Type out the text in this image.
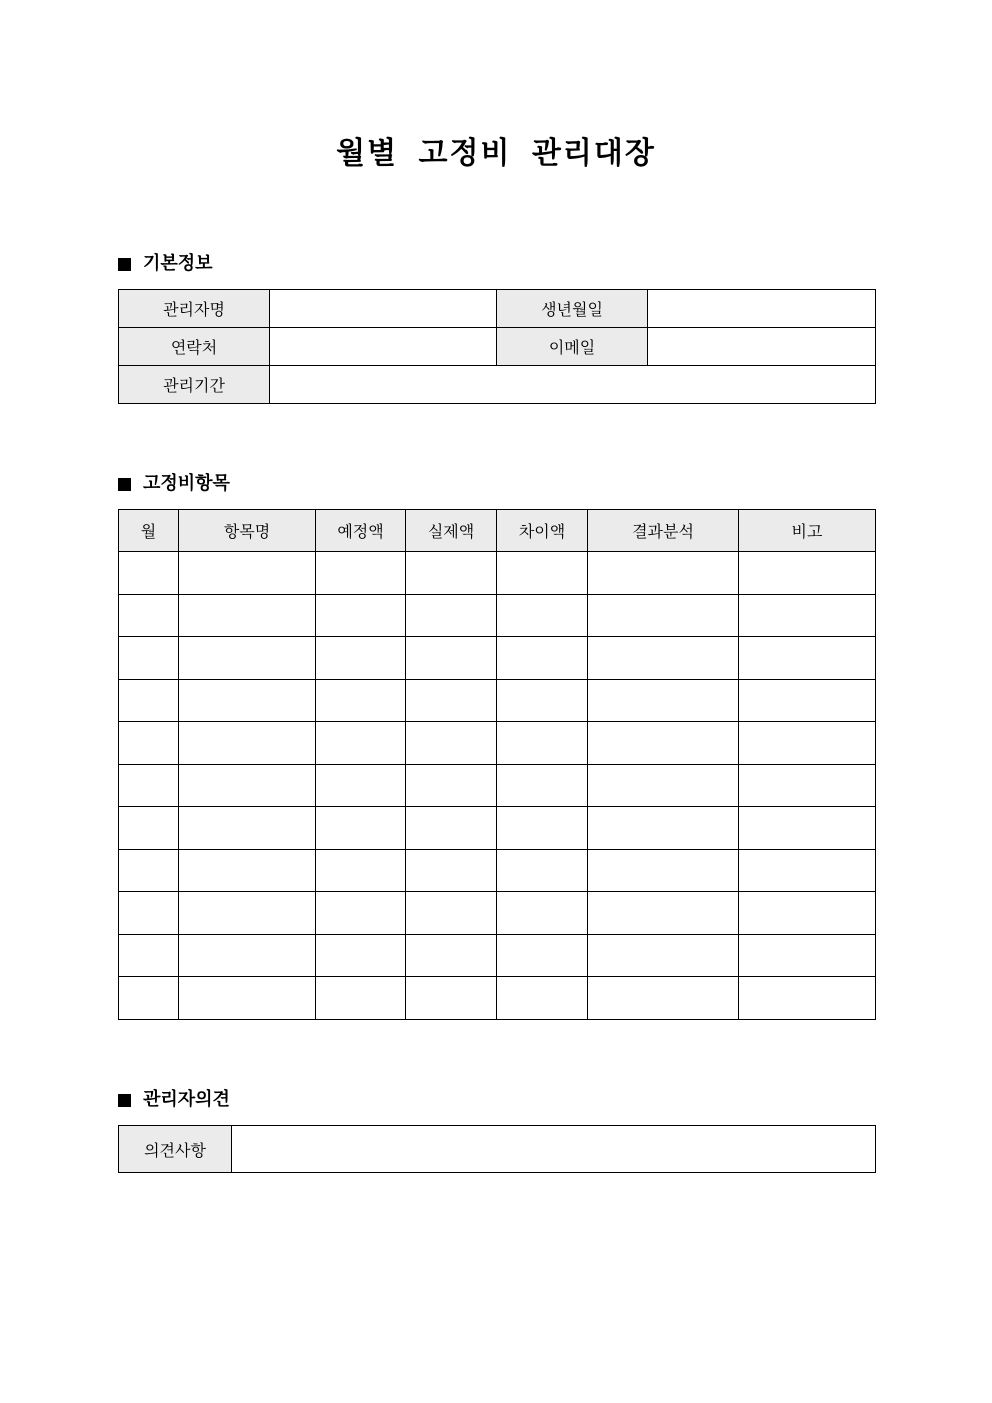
월별 고정비 관리대장
기본정보
관리자명		생년월일	
연락처		이메일	
관리기간			
고정비항목
월	항목명	예정액	실제액	차이액	결과분석	비고

관리자의견
의견사항	
